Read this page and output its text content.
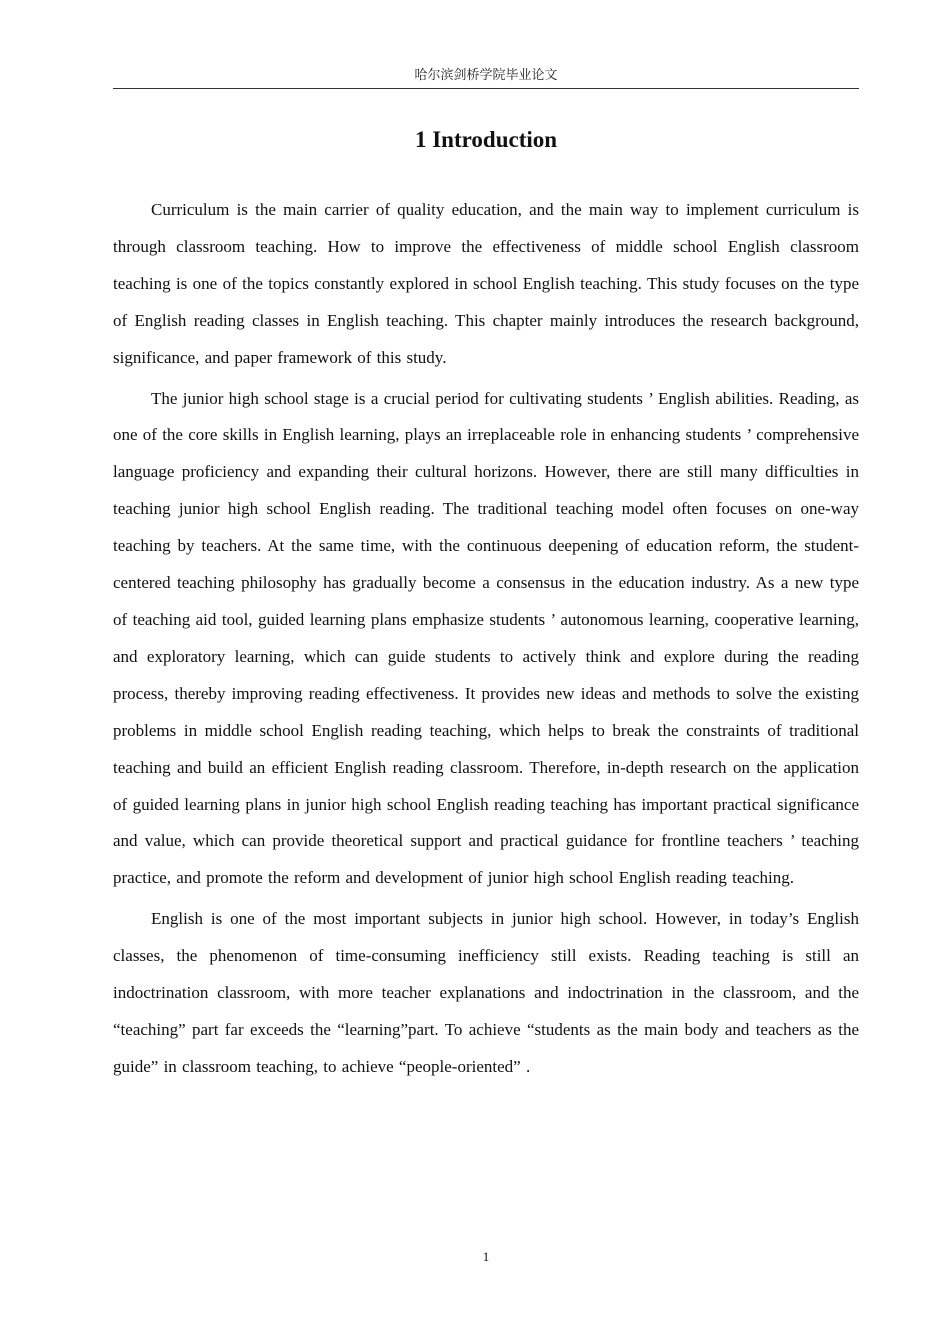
哈尔滨剑桥学院毕业论文
1 Introduction

Curriculum is the main carrier of quality education, and the main way to implement curriculum is through classroom teaching. How to improve the effectiveness of middle school English classroom teaching is one of the topics constantly explored in school English teaching. This study focuses on the type of English reading classes in English teaching. This chapter mainly introduces the research background, significance, and paper framework of this study.

The junior high school stage is a crucial period for cultivating students ’ English abilities. Reading, as one of the core skills in English learning, plays an irreplaceable role in enhancing students ’ comprehensive language proficiency and expanding their cultural horizons. However, there are still many difficulties in teaching junior high school English reading. The traditional teaching model often focuses on one-way teaching by teachers. At the same time, with the continuous deepening of education reform, the student-centered teaching philosophy has gradually become a consensus in the education industry. As a new type of teaching aid tool, guided learning plans emphasize students ’ autonomous learning, cooperative learning, and exploratory learning, which can guide students to actively think and explore during the reading process, thereby improving reading effectiveness. It provides new ideas and methods to solve the existing problems in middle school English reading teaching, which helps to break the constraints of traditional teaching and build an efficient English reading classroom. Therefore, in-depth research on the application of guided learning plans in junior high school English reading teaching has important practical significance and value, which can provide theoretical support and practical guidance for frontline teachers ’ teaching practice, and promote the reform and development of junior high school English reading teaching.

English is one of the most important subjects in junior high school. However, in today’s English classes, the phenomenon of time-consuming inefficiency still exists. Reading teaching is still an indoctrination classroom, with more teacher explanations and indoctrination in the classroom, and the “teaching” part far exceeds the “learning”part. To achieve “students as the main body and teachers as the guide” in classroom teaching, to achieve “people-oriented” .

1
